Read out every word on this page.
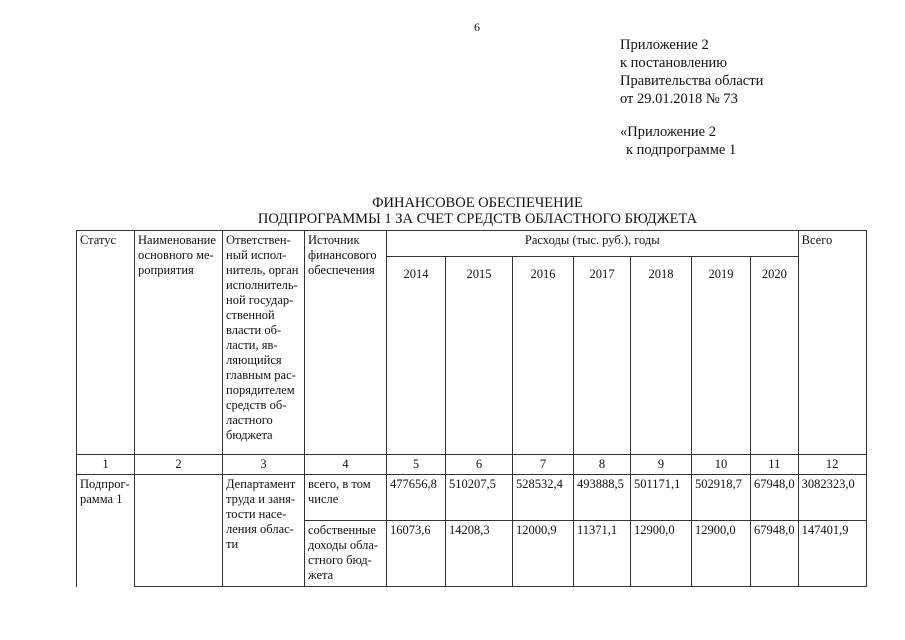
6
Приложение 2
к постановлению
Правительства области
от 29.01.2018 № 73
«Приложение 2
к подпрограмме 1
ФИНАНСОВОЕ ОБЕСПЕЧЕНИЕ
ПОДПРОГРАММЫ 1 ЗА СЧЕТ СРЕДСТВ ОБЛАСТНОГО БЮДЖЕТА
Статус	Наименование основного ме-роприятия	Ответствен-ный испол-нитель, орган исполнитель-ной государ-ственной власти об-ласти, яв-ляющийся главным рас-порядителем средств об-ластного бюджета	Источник финансового обеспечения	Расходы (тыс. руб.), годы							Всего
				2014	2015	2016	2017	2018	2019	2020	
1	2	3	4	5	6	7	8	9	10	11	12
Подпрог-рамма 1		Департамент труда и заня-тости насе-ления облас-ти	всего, в том числе	477656,8	510207,5	528532,4	493888,5	501171,1	502918,7	67948,0	3082323,0
			собственные доходы обла-стного бюд-жета	16073,6	14208,3	12000,9	11371,1	12900,0	12900,0	67948,0	147401,9
